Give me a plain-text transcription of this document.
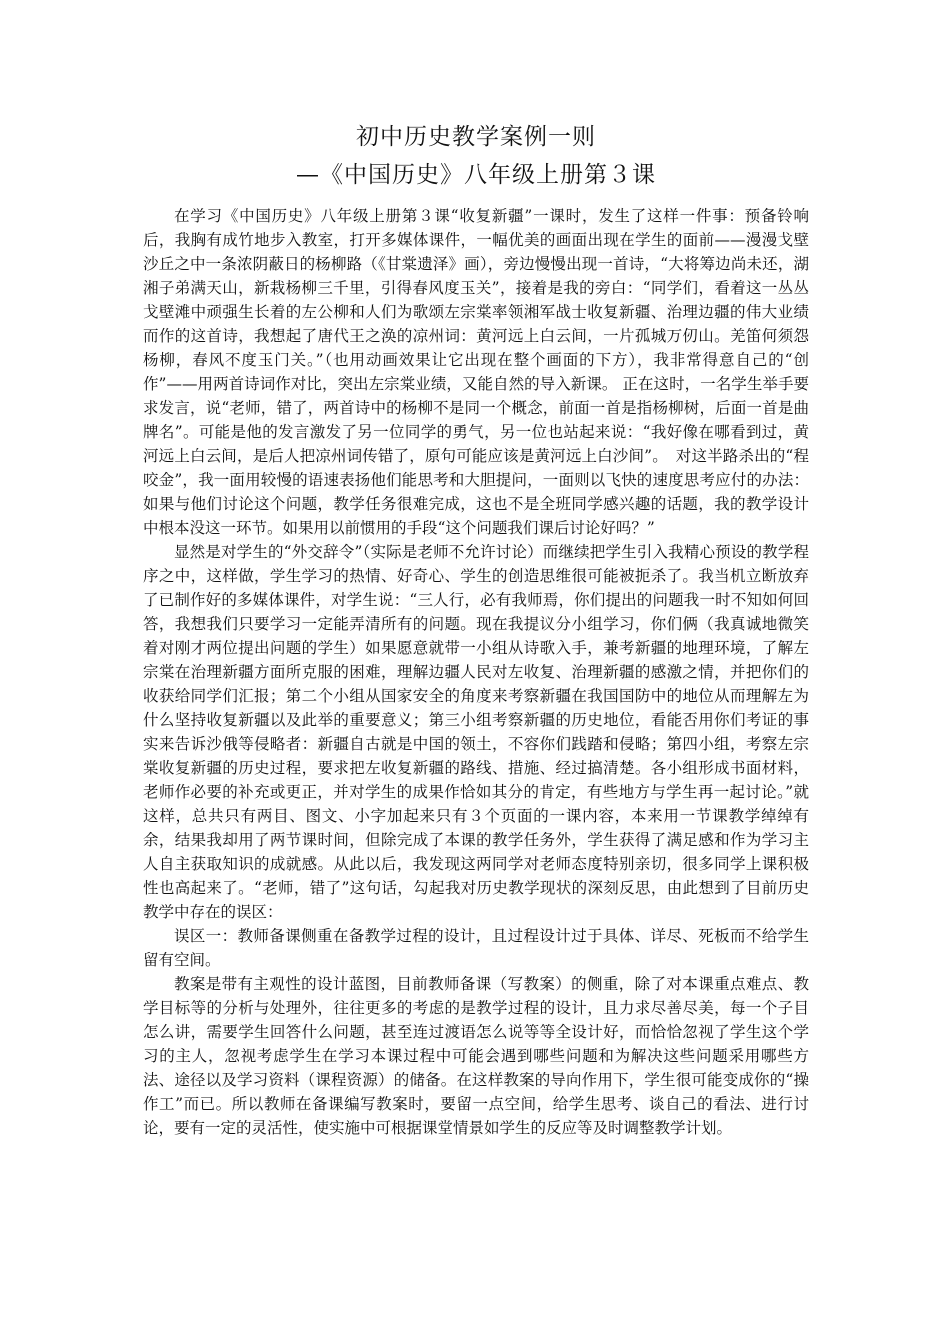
初中历史教学案例一则
—《中国历史》八年级上册第３课

在学习《中国历史》八年级上册第３课“收复新疆”一课时，发生了这样一件事：预备铃响后，我胸有成竹地步入教室，打开多媒体课件，一幅优美的画面出现在学生的面前——漫漫戈壁沙丘之中一条浓阴蔽日的杨柳路（《甘棠遗泽》画），旁边慢慢出现一首诗，“大将筹边尚未还，湖湘子弟满天山，新栽杨柳三千里，引得春风度玉关”，接着是我的旁白：“同学们，看着这一丛丛戈壁滩中顽强生长着的左公柳和人们为歌颂左宗棠率领湘军战士收复新疆、治理边疆的伟大业绩而作的这首诗，我想起了唐代王之涣的凉州词：黄河远上白云间，一片孤城万仞山。羌笛何须怨杨柳，春风不度玉门关。”（也用动画效果让它出现在整个画面的下方），我非常得意自己的“创作”——用两首诗词作对比，突出左宗棠业绩，又能自然的导入新课。 正在这时，一名学生举手要求发言，说“老师，错了，两首诗中的杨柳不是同一个概念，前面一首是指杨柳树，后面一首是曲牌名”。可能是他的发言激发了另一位同学的勇气，另一位也站起来说：“我好像在哪看到过，黄河远上白云间，是后人把凉州词传错了，原句可能应该是黄河远上白沙间”。　对这半路杀出的“程咬金”，我一面用较慢的语速表扬他们能思考和大胆提问，一面则以飞快的速度思考应付的办法：如果与他们讨论这个问题，教学任务很难完成，这也不是全班同学感兴趣的话题，我的教学设计中根本没这一环节。如果用以前惯用的手段“这个问题我们课后讨论好吗？”

显然是对学生的“外交辞令”（实际是老师不允许讨论）而继续把学生引入我精心预设的教学程序之中，这样做，学生学习的热情、好奇心、学生的创造思维很可能被扼杀了。我当机立断放弃了已制作好的多媒体课件，对学生说：“三人行，必有我师焉，你们提出的问题我一时不知如何回答，我想我们只要学习一定能弄清所有的问题。现在我提议分小组学习，你们俩（我真诚地微笑着对刚才两位提出问题的学生）如果愿意就带一小组从诗歌入手，兼考新疆的地理环境，了解左宗棠在治理新疆方面所克服的困难，理解边疆人民对左收复、治理新疆的感激之情，并把你们的收获给同学们汇报；第二个小组从国家安全的角度来考察新疆在我国国防中的地位从而理解左为什么坚持收复新疆以及此举的重要意义；第三小组考察新疆的历史地位，看能否用你们考证的事实来告诉沙俄等侵略者：新疆自古就是中国的领土，不容你们践踏和侵略；第四小组，考察左宗棠收复新疆的历史过程，要求把左收复新疆的路线、措施、经过搞清楚。各小组形成书面材料，老师作必要的补充或更正，并对学生的成果作恰如其分的肯定，有些地方与学生再一起讨论。”就这样，总共只有两目、图文、小字加起来只有３个页面的一课内容，本来用一节课教学绰绰有余，结果我却用了两节课时间，但除完成了本课的教学任务外，学生获得了满足感和作为学习主人自主获取知识的成就感。从此以后，我发现这两同学对老师态度特别亲切，很多同学上课积极性也高起来了。“老师，错了”这句话，勾起我对历史教学现状的深刻反思，由此想到了目前历史教学中存在的误区：

误区一：教师备课侧重在备教学过程的设计，且过程设计过于具体、详尽、死板而不给学生留有空间。

教案是带有主观性的设计蓝图，目前教师备课（写教案）的侧重，除了对本课重点难点、教学目标等的分析与处理外，往往更多的考虑的是教学过程的设计，且力求尽善尽美，每一个子目怎么讲，需要学生回答什么问题，甚至连过渡语怎么说等等全设计好，而恰恰忽视了学生这个学习的主人，忽视考虑学生在学习本课过程中可能会遇到哪些问题和为解决这些问题采用哪些方法、途径以及学习资料（课程资源）的储备。在这样教案的导向作用下，学生很可能变成你的“操作工”而已。所以教师在备课编写教案时，要留一点空间，给学生思考、谈自己的看法、进行讨论，要有一定的灵活性，使实施中可根据课堂情景如学生的反应等及时调整教学计划。
